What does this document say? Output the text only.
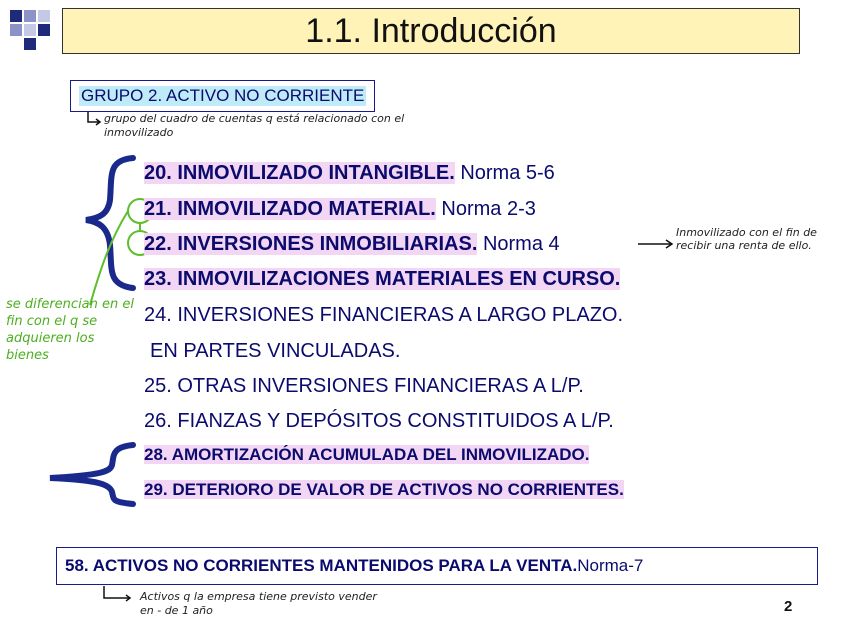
1.1. Introducción
GRUPO 2. ACTIVO NO CORRIENTE
grupo del cuadro de cuentas q está relacionado con el inmovilizado
Inmovilizado con el fin de recibir una renta de ello.
se diferencian en el fin con el q se adquieren los bienes
Activos q la empresa tiene previsto vender en - de 1 año
20. INMOVILIZADO INTANGIBLE. Norma 5-6
21. INMOVILIZADO MATERIAL. Norma 2-3
22. INVERSIONES INMOBILIARIAS. Norma 4
23. INMOVILIZACIONES MATERIALES EN CURSO.
24. INVERSIONES FINANCIERAS A LARGO PLAZO.
EN PARTES VINCULADAS.
25. OTRAS INVERSIONES FINANCIERAS A L/P.
26. FIANZAS Y DEPÓSITOS CONSTITUIDOS A L/P.
28. AMORTIZACIÓN ACUMULADA DEL INMOVILIZADO.
29. DETERIORO DE VALOR DE ACTIVOS NO CORRIENTES.
58. ACTIVOS NO CORRIENTES MANTENIDOS PARA LA VENTA. Norma-7
2
